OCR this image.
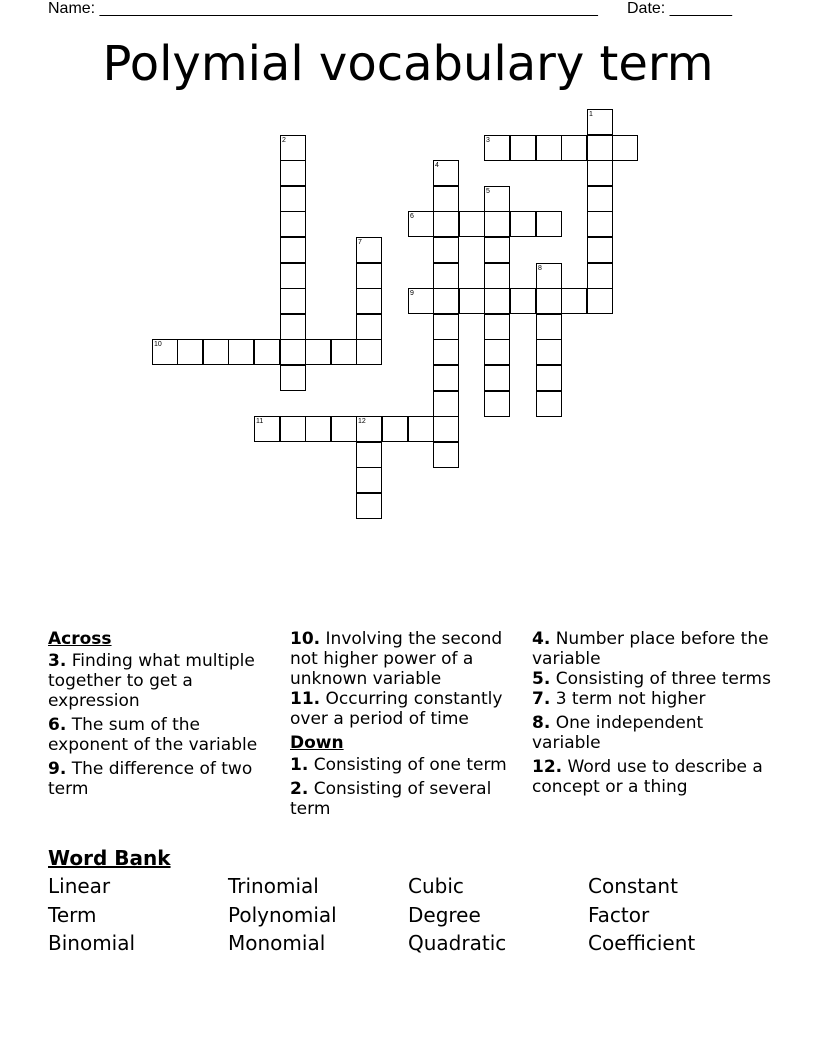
Name: ________________________________________________________ Date: _______
Polymial vocabulary term
1
2	3
4
5
6
7
8
9
10
11	12
Across
3. Finding what multiple together to get a expression
6. The sum of the exponent of the variable
9. The difference of two term
10. Involving the second not higher power of a unknown variable
11. Occurring constantly over a period of time
Down
1. Consisting of one term
2. Consisting of several term
4. Number place before the variable
5. Consisting of three terms
7. 3 term not higher
8. One independent variable
12. Word use to describe a concept or a thing
Word Bank
Linear	Trinomial	Cubic	Constant
Term	Polynomial	Degree	Factor
Binomial	Monomial	Quadratic	Coefficient
